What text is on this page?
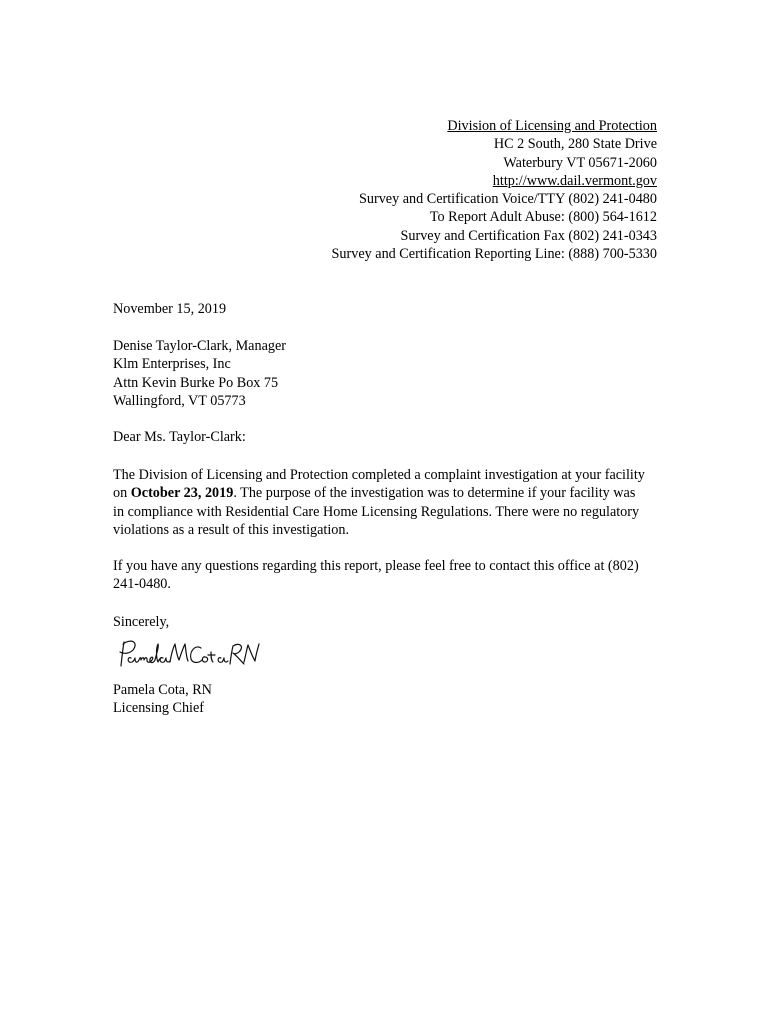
Division of Licensing and Protection
HC 2 South, 280 State Drive
Waterbury VT 05671-2060
http://www.dail.vermont.gov
Survey and Certification Voice/TTY (802) 241-0480
To Report Adult Abuse: (800) 564-1612
Survey and Certification Fax (802) 241-0343
Survey and Certification Reporting Line: (888) 700-5330
November 15, 2019
Denise Taylor-Clark, Manager
Klm Enterprises, Inc
Attn Kevin Burke Po Box 75
Wallingford, VT 05773
Dear Ms. Taylor-Clark:
The Division of Licensing and Protection completed a complaint investigation at your facility on October 23, 2019. The purpose of the investigation was to determine if your facility was in compliance with Residential Care Home Licensing Regulations. There were no regulatory violations as a result of this investigation.
If you have any questions regarding this report, please feel free to contact this office at (802) 241-0480.
Sincerely,
Pamela Cota, RN
Licensing Chief
